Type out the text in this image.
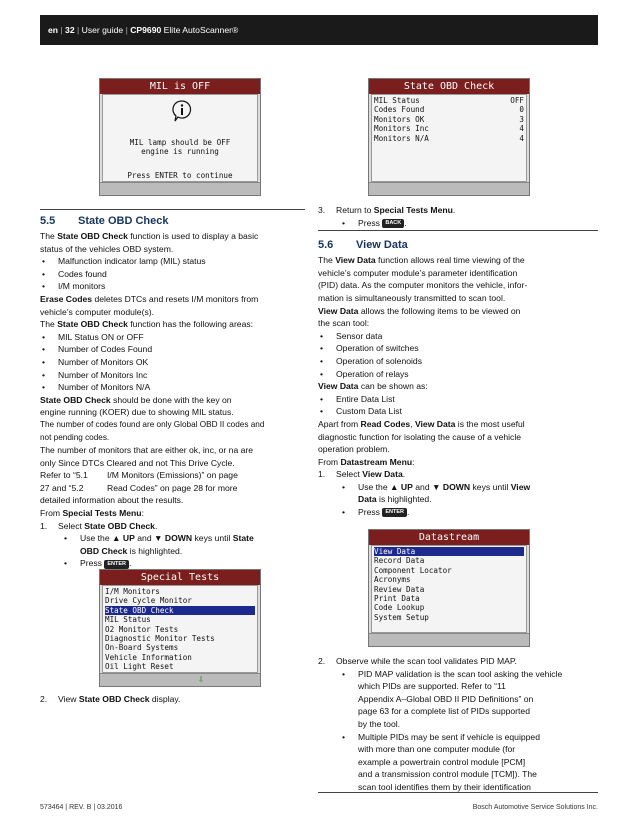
en | 32 | User guide | CP9690 Elite AutoScanner®
MIL is OFF
MIL lamp should be OFF
engine is running
Press ENTER to continue
State OBD Check
MIL Status	OFF
Codes Found	0
Monitors OK	3
Monitors Inc	4
Monitors N/A	4
5.5 State OBD Check

The State OBD Check function is used to display a basic

status of the vehicles OBD system.

• Malfunction indicator lamp (MIL) status
• Codes found
• I/M monitors

Erase Codes deletes DTCs and resets I/M monitors from

vehicle’s computer module(s).

The State OBD Check function has the following areas:

• MIL Status ON or OFF
• Number of Codes Found
• Number of Monitors OK
• Number of Monitors Inc
• Number of Monitors N/A

State OBD Check should be done with the key on

engine running (KOER) due to showing MIL status.

The number of codes found are only Global OBD II codes and

not pending codes.

The number of monitors that are either ok, inc, or na are

only Since DTCs Cleared and not This Drive Cycle.

Refer to “5.1 I/M Monitors (Emissions)” on page

27 and “5.2	Read Codes” on page 28 for more

detailed information about the results.

From Special Tests Menu:

1. Select State OBD Check.
• Use the ▲ UP and ▼ DOWN keys until State
OBD Check is highlighted.
• Press ENTER .
Special Tests
I/M Monitors
Drive Cycle Monitor
State OBD Check
MIL Status
O2 Monitor Tests
Diagnostic Monitor Tests
On-Board Systems
Vehicle Information
Oil Light Reset
⇩
2. View State OBD Check display.
3. Return to Special Tests Menu.
• Press BACK .
5.6 View Data

The View Data function allows real time viewing of the

vehicle’s computer module’s parameter identification

(PID) data. As the computer monitors the vehicle, infor-

mation is simultaneously transmitted to scan tool.

View Data allows the following items to be viewed on

the scan tool:

• Sensor data
• Operation of switches
• Operation of solenoids
• Operation of relays

View Data can be shown as:

• Entire Data List
• Custom Data List

Apart from Read Codes, View Data is the most useful

diagnostic function for isolating the cause of a vehicle

operation problem.

From Datastream Menu:

1. Select View Data.
• Use the ▲ UP and ▼ DOWN keys until View
Data is highlighted.
• Press ENTER .
Datastream
View Data
Record Data
Component Locator
Acronyms
Review Data
Print Data
Code Lookup
System Setup
2. Observe while the scan tool validates PID MAP.
• PID MAP validation is the scan tool asking the vehicle
which PIDs are supported. Refer to “11
Appendix A–Global OBD II PID Definitions” on
page 63 for a complete list of PIDs supported
by the tool.
• Multiple PIDs may be sent if vehicle is equipped
with more than one computer module (for
example a powertrain control module [PCM]
and a transmission control module [TCM]). The
scan tool identifies them by their identification
573464 | REV. B | 03.2016	Bosch Automotive Service Solutions Inc.
